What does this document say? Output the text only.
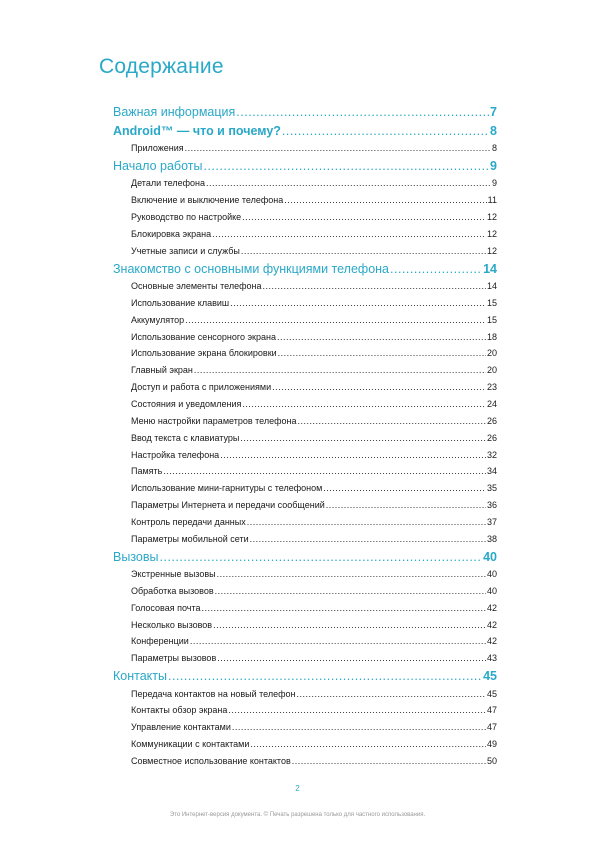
Содержание
Важная информация .....	7
Android™ — что и почему? .....	8
Приложения .....	8
Начало работы .....	9
Детали телефона .....	9
Включение и выключение телефона .....	11
Руководство по настройке .....	12
Блокировка экрана .....	12
Учетные записи и службы .....	12
Знакомство с основными функциями телефона .....	14
Основные элементы телефона .....	14
Использование клавиш .....	15
Аккумулятор .....	15
Использование сенсорного экрана .....	18
Использование экрана блокировки .....	20
Главный экран .....	20
Доступ и работа с приложениями .....	23
Состояния и уведомления .....	24
Меню настройки параметров телефона .....	26
Ввод текста с клавиатуры .....	26
Настройка телефона .....	32
Память .....	34
Использование мини-гарнитуры с телефоном .....	35
Параметры Интернета и передачи сообщений .....	36
Контроль передачи данных .....	37
Параметры мобильной сети .....	38
Вызовы .....	40
Экстренные вызовы .....	40
Обработка вызовов .....	40
Голосовая почта .....	42
Несколько вызовов .....	42
Конференции .....	42
Параметры вызовов .....	43
Контакты .....	45
Передача контактов на новый телефон .....	45
Контакты обзор экрана .....	47
Управление контактами .....	47
Коммуникации с контактами .....	49
Совместное использование контактов .....	50
2
Это Интернет-версия документа. © Печать разрешена только для частного использования.
